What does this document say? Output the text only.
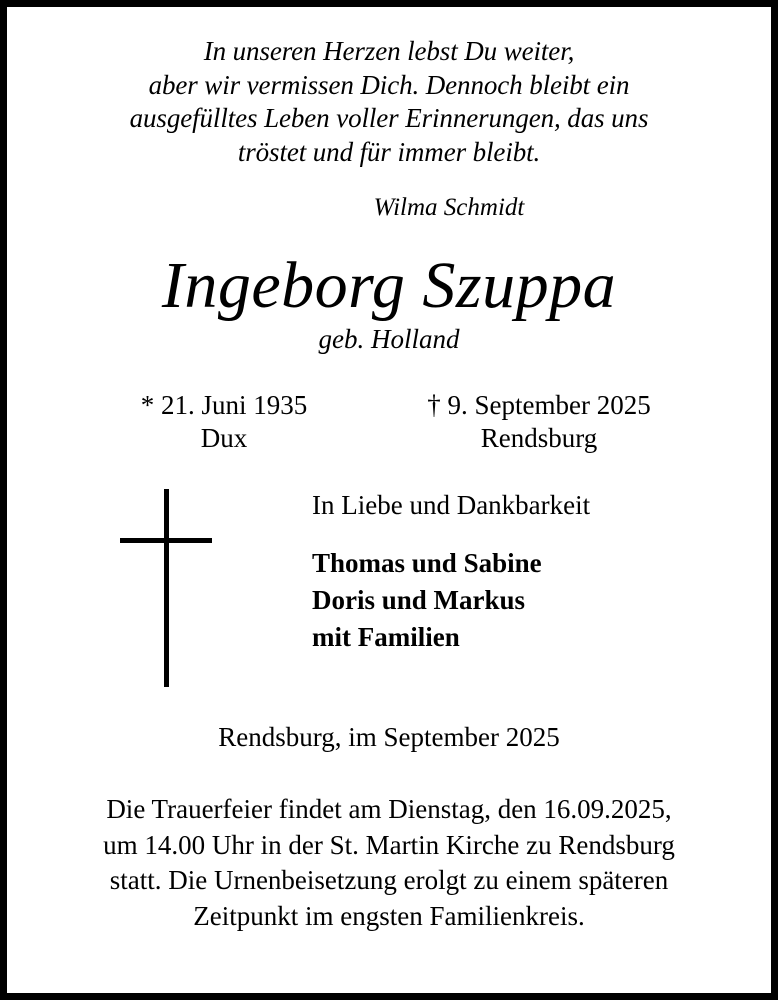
In unseren Herzen lebst Du weiter,
aber wir vermissen Dich. Dennoch bleibt ein
ausgefülltes Leben voller Erinnerungen, das uns
tröstet und für immer bleibt.
Wilma Schmidt
Ingeborg Szuppa
geb. Holland
* 21. Juni 1935
Dux
† 9. September 2025
Rendsburg
In Liebe und Dankbarkeit
Thomas und Sabine
Doris und Markus
mit Familien
Rendsburg, im September 2025
Die Trauerfeier findet am Dienstag, den 16.09.2025,
um 14.00 Uhr in der St. Martin Kirche zu Rendsburg
statt. Die Urnenbeisetzung erolgt zu einem späteren
Zeitpunkt im engsten Familienkreis.
